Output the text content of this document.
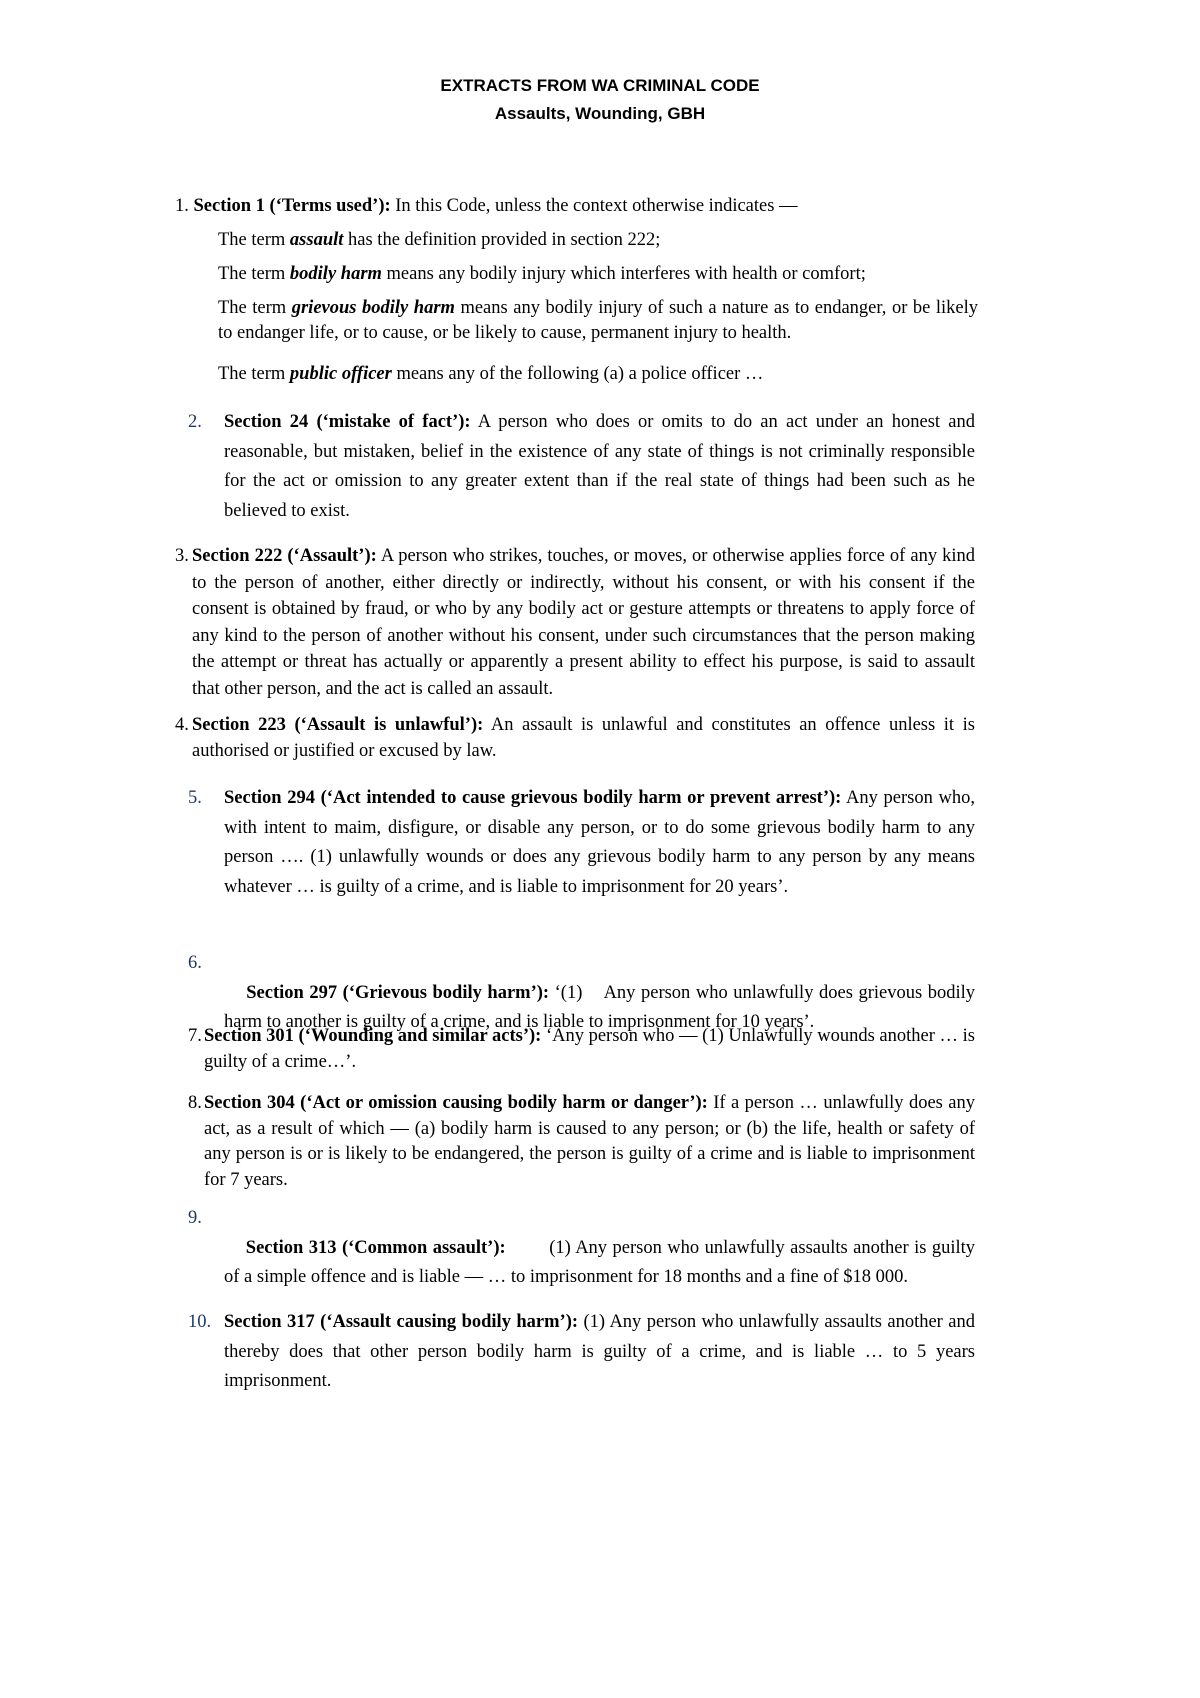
EXTRACTS FROM WA CRIMINAL CODE
Assaults, Wounding, GBH
1. Section 1 (‘Terms used’): In this Code, unless the context otherwise indicates —
The term assault has the definition provided in section 222;
The term bodily harm means any bodily injury which interferes with health or comfort;
The term grievous bodily harm means any bodily injury of such a nature as to endanger, or be likely to endanger life, or to cause, or be likely to cause, permanent injury to health.
The term public officer means any of the following (a) a police officer …
2. Section 24 (‘mistake of fact’): A person who does or omits to do an act under an honest and reasonable, but mistaken, belief in the existence of any state of things is not criminally responsible for the act or omission to any greater extent than if the real state of things had been such as he believed to exist.
3. Section 222 (‘Assault’): A person who strikes, touches, or moves, or otherwise applies force of any kind to the person of another, either directly or indirectly, without his consent, or with his consent if the consent is obtained by fraud, or who by any bodily act or gesture attempts or threatens to apply force of any kind to the person of another without his consent, under such circumstances that the person making the attempt or threat has actually or apparently a present ability to effect his purpose, is said to assault that other person, and the act is called an assault.
4. Section 223 (‘Assault is unlawful’): An assault is unlawful and constitutes an offence unless it is authorised or justified or excused by law.
5. Section 294 (‘Act intended to cause grievous bodily harm or prevent arrest’): Any person who, with intent to maim, disfigure, or disable any person, or to do some grievous bodily harm to any person …. (1) unlawfully wounds or does any grievous bodily harm to any person by any means whatever … is guilty of a crime, and is liable to imprisonment for 20 years’.
6.

Section 297 (‘Grievous bodily harm’): ‘(1)    Any person who unlawfully does grievous bodily harm to another is guilty of a crime, and is liable to imprisonment for 10 years’.

7. Section 301 (‘Wounding and similar acts’): ‘Any person who — (1) Unlawfully wounds another … is guilty of a crime…’.
8. Section 304 (‘Act or omission causing bodily harm or danger’): If a person … unlawfully does any act, as a result of which — (a) bodily harm is caused to any person; or (b) the life, health or safety of any person is or is likely to be endangered, the person is guilty of a crime and is liable to imprisonment for 7 years.
9.

Section 313 (‘Common assault’):        (1) Any person who unlawfully assaults another is guilty of a simple offence and is liable — … to imprisonment for 18 months and a fine of $18 000.

10. Section 317 (‘Assault causing bodily harm’): (1) Any person who unlawfully assaults another and thereby does that other person bodily harm is guilty of a crime, and is liable … to 5 years imprisonment.
